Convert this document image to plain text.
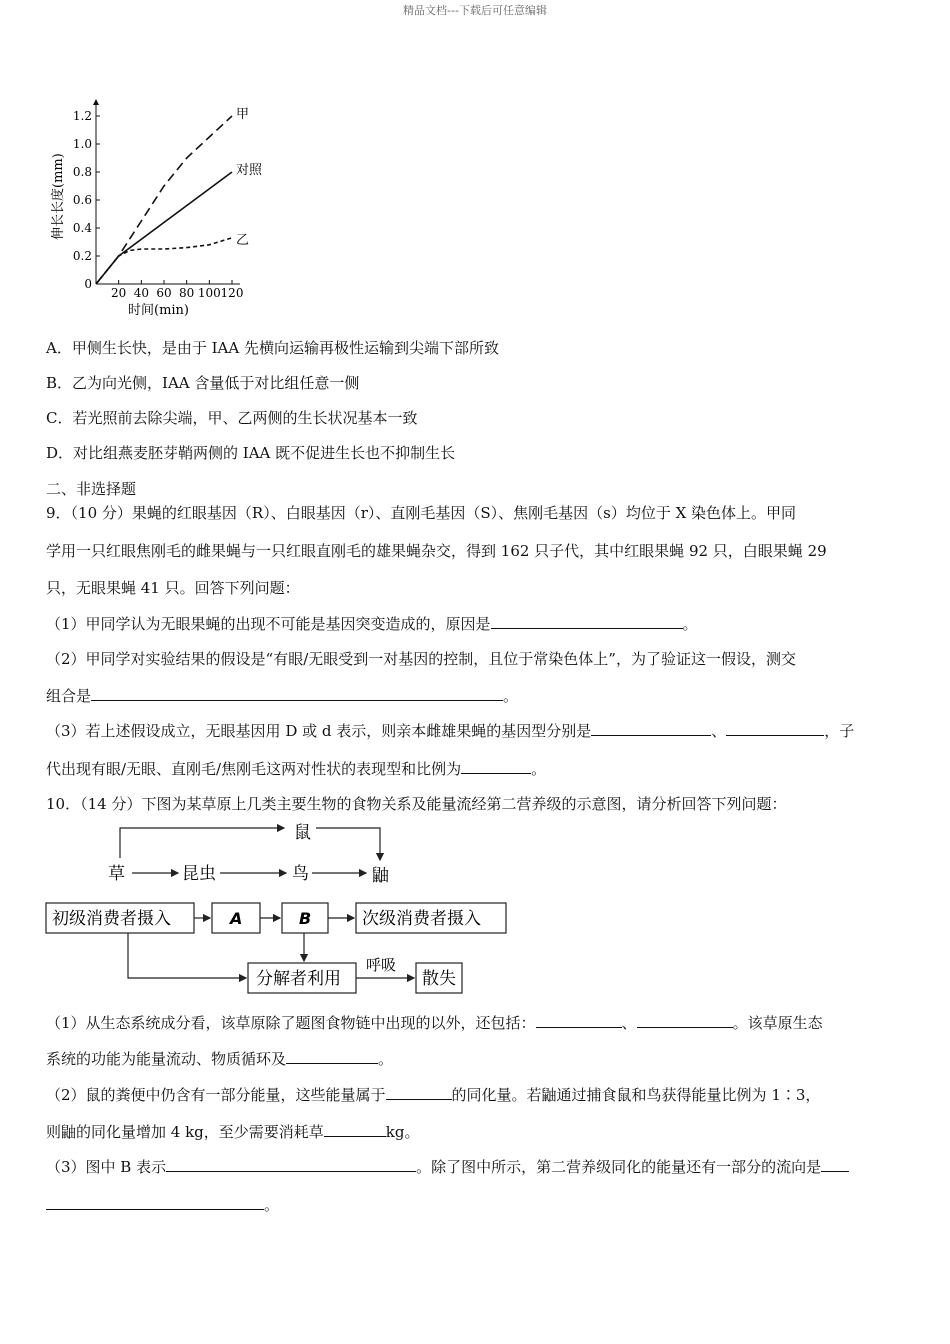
精品文档---下载后可任意编辑
0
0.2
0.4
0.6
0.8
1.0
1.2
20 40 60 80 100 120
甲
对照
乙
伸长长度(mm)
时间(min)
A．甲侧生长快，是由于 IAA 先横向运输再极性运输到尖端下部所致
B．乙为向光侧，IAA 含量低于对比组任意一侧
C．若光照前去除尖端，甲、乙两侧的生长状况基本一致
D．对比组燕麦胚芽鞘两侧的 IAA 既不促进生长也不抑制生长
二、非选择题
9．（10 分）果蝇的红眼基因（R）、白眼基因（r）、直刚毛基因（S）、焦刚毛基因（s）均位于 X 染色体上。甲同
学用一只红眼焦刚毛的雌果蝇与一只红眼直刚毛的雄果蝇杂交，得到 162 只子代，其中红眼果蝇 92 只，白眼果蝇 29
只，无眼果蝇 41 只。回答下列问题：
（1）甲同学认为无眼果蝇的出现不可能是基因突变造成的，原因是	。
（2）甲同学对实验结果的假设是“有眼/无眼受到一对基因的控制，且位于常染色体上”，为了验证这一假设，测交
组合是	。
（3）若上述假设成立，无眼基因用 D 或 d 表示，则亲本雌雄果蝇的基因型分别是	、	，子
代出现有眼/无眼、直刚毛/焦刚毛这两对性状的表现型和比例为	。
10．（14 分）下图为某草原上几类主要生物的食物关系及能量流经第二营养级的示意图，请分析回答下列问题：
鼠
草	昆虫	鸟	鼬
初级消费者摄入	A	B	次级消费者摄入
分解者利用
呼吸
散失
（1）从生态系统成分看，该草原除了题图食物链中出现的以外，还包括：	、	。该草原生态
系统的功能为能量流动、物质循环及	。
（2）鼠的粪便中仍含有一部分能量，这些能量属于	的同化量。若鼬通过捕食鼠和鸟获得能量比例为 1∶3，
则鼬的同化量增加 4 kg，至少需要消耗草	kg。
（3）图中 B 表示	。除了图中所示，第二营养级同化的能量还有一部分的流向是
。
